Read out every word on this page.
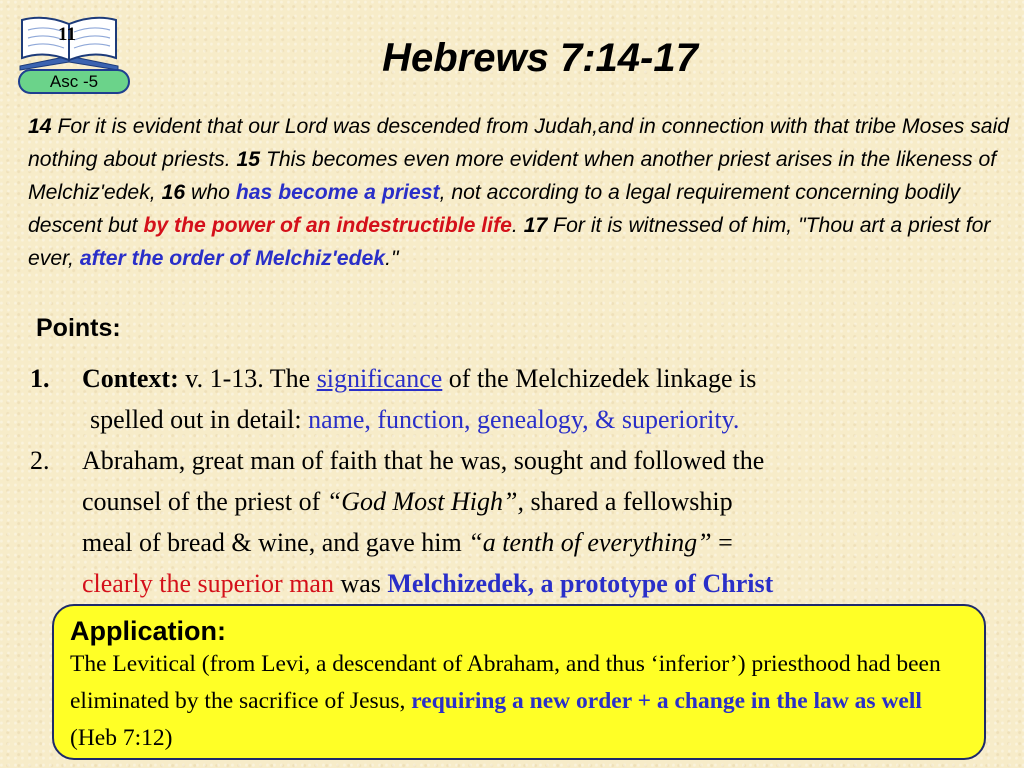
11
Asc -5
Hebrews 7:14-17
14 For it is evident that our Lord was descended from Judah,and in connection with that tribe Moses said nothing about priests. 15 This becomes even more evident when another priest arises in the likeness of Melchiz'edek, 16 who has become a priest, not according to a legal requirement concerning bodily descent but by the power of an indestructible life. 17 For it is witnessed of him, "Thou art a priest for ever, after the order of Melchiz'edek."
Points:
1. Context: v. 1-13. The significance of the Melchizedek linkage is
spelled out in detail: name, function, genealogy, & superiority.
2. Abraham, great man of faith that he was, sought and followed the
counsel of the priest of “God Most High”, shared a fellowship
meal of bread & wine, and gave him “a tenth of everything” =
clearly the superior man was Melchizedek, a prototype of Christ
Application:
The Levitical (from Levi, a descendant of Abraham, and thus ‘inferior’) priesthood had been eliminated by the sacrifice of Jesus, requiring a new order + a change in the law as well (Heb 7:12)
